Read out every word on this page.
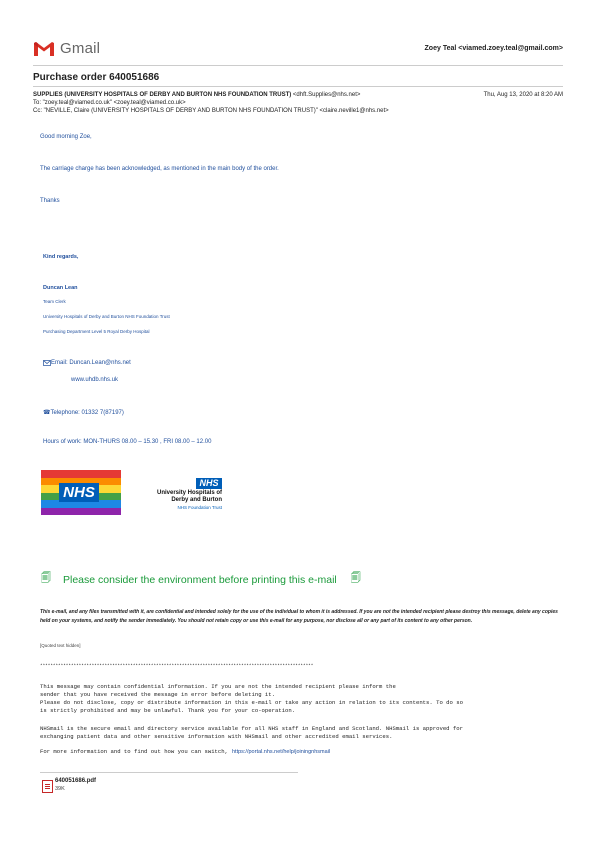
Gmail	Zoey Teal <viamed.zoey.teal@gmail.com>
Purchase order 640051686
SUPPLIES (UNIVERSITY HOSPITALS OF DERBY AND BURTON NHS FOUNDATION TRUST) <dhft.Supplies@nhs.net>	Thu, Aug 13, 2020 at 8:20 AM
To: "zoey.teal@viamed.co.uk" <zoey.teal@viamed.co.uk>
Cc: "NEVILLE, Claire (UNIVERSITY HOSPITALS OF DERBY AND BURTON NHS FOUNDATION TRUST)" <claire.neville1@nhs.net>
Good morning Zoe,
The carriage charge has been acknowledged, as mentioned in the main body of the order.
Thanks
Kind regards,
Duncan Lean
Team Clerk
University Hospitals of Derby and Burton NHS Foundation Trust
Purchasing Department Level 5 Royal Derby Hospital
Email: Duncan.Lean@nhs.net
www.uhdb.nhs.uk
☎ Telephone: 01332 7(87197)
Hours of work: MON-THURS 08.00 – 15.30 , FRI 08.00 – 12.00
NHS
NHS
University Hospitals of
Derby and Burton
NHS Foundation Trust
🗐 Please consider the environment before printing this e-mail 🗐
This e-mail, and any files transmitted with it, are confidential and intended solely for the use of the individual to whom it is addressed. If you are not the intended recipient please destroy this message, delete any copies held on your systems, and notify the sender immediately. You should not retain copy or use this e-mail for any purpose, nor disclose all or any part of its content to any other person.
[Quoted text hidden]
**********************************************************************************************************
This message may contain confidential information. If you are not the intended recipient please inform the
sender that you have received the message in error before deleting it.
Please do not disclose, copy or distribute information in this e-mail or take any action in relation to its contents. To do so
is strictly prohibited and may be unlawful. Thank you for your co-operation.
NHSmail is the secure email and directory service available for all NHS staff in England and Scotland. NHSmail is approved for
exchanging patient data and other sensitive information with NHSmail and other accredited email services.
For more information and to find out how you can switch, https://portal.nhs.net/help/joiningnhsmail
640051686.pdf
39K
